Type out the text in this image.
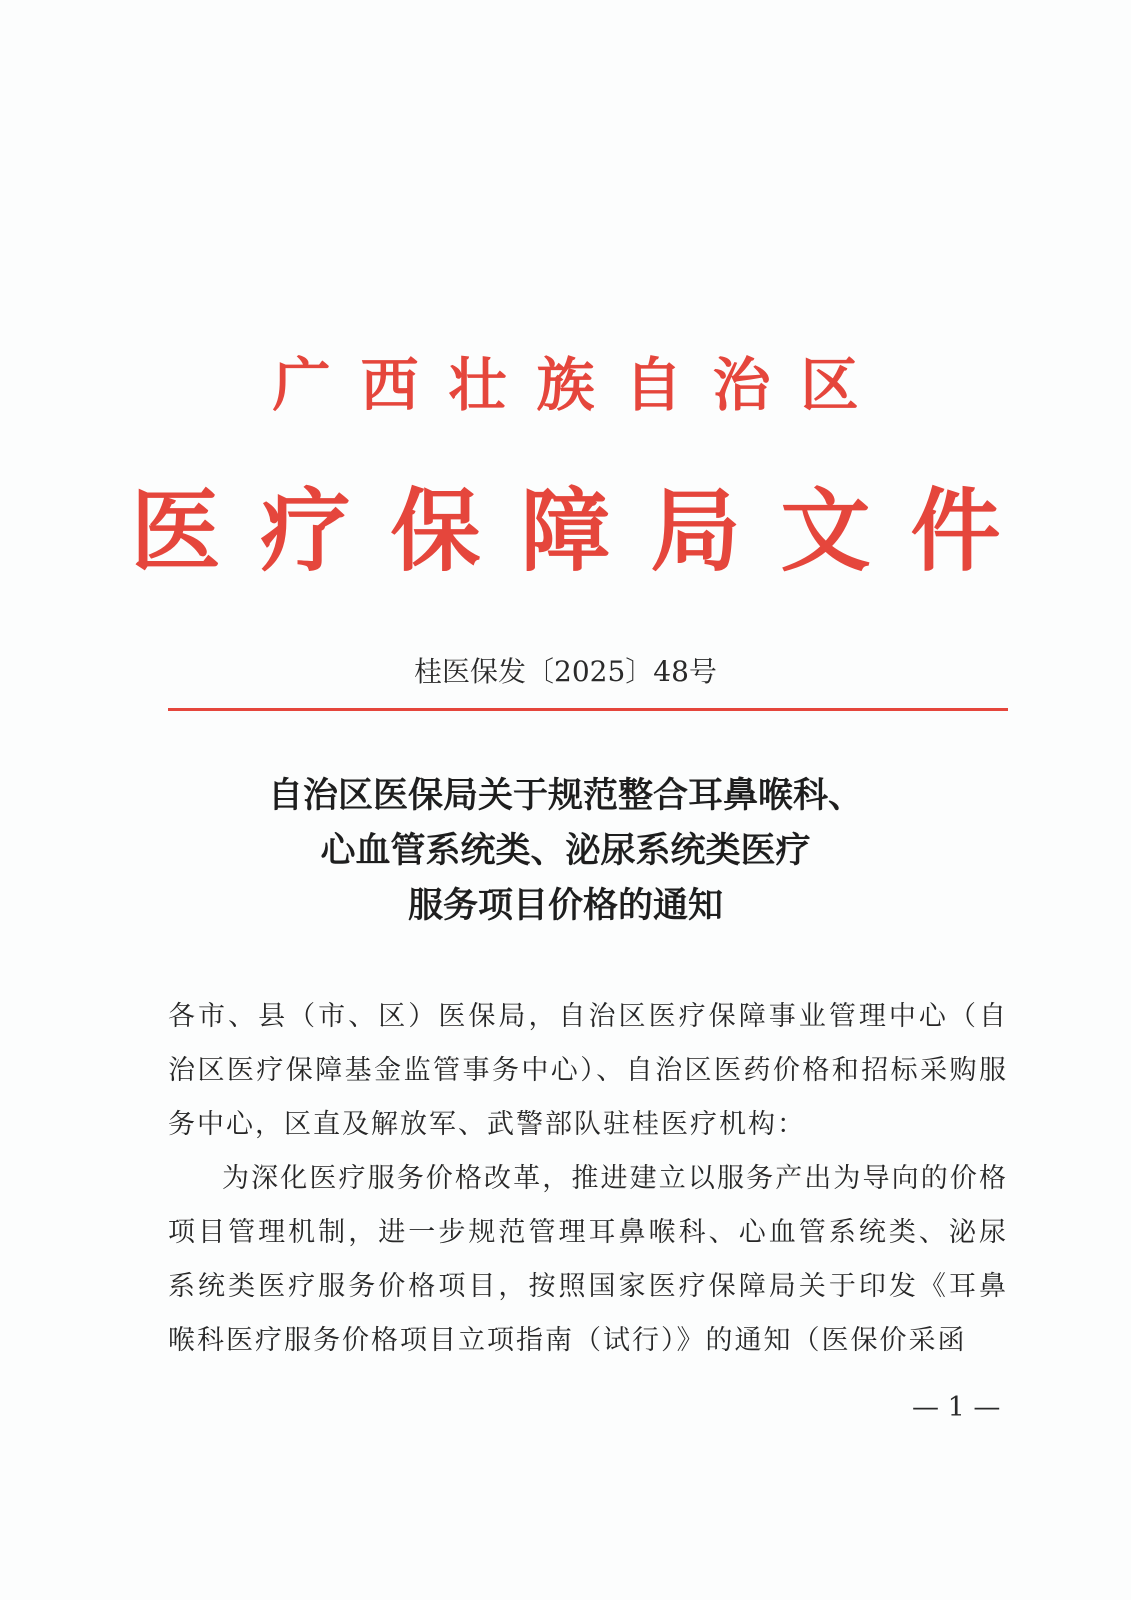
广西壮族自治区
医疗保障局文件
桂医保发〔2025〕48号
自治区医保局关于规范整合耳鼻喉科、
心血管系统类、泌尿系统类医疗
服务项目价格的通知

各市、县（市、区）医保局，自治区医疗保障事业管理中心（自治区医疗保障基金监管事务中心）、自治区医药价格和招标采购服务中心，区直及解放军、武警部队驻桂医疗机构：

为深化医疗服务价格改革，推进建立以服务产出为导向的价格项目管理机制，进一步规范管理耳鼻喉科、心血管系统类、泌尿系统类医疗服务价格项目，按照国家医疗保障局关于印发《耳鼻喉科医疗服务价格项目立项指南（试行）》的通知（医保价采函

— 1 —
